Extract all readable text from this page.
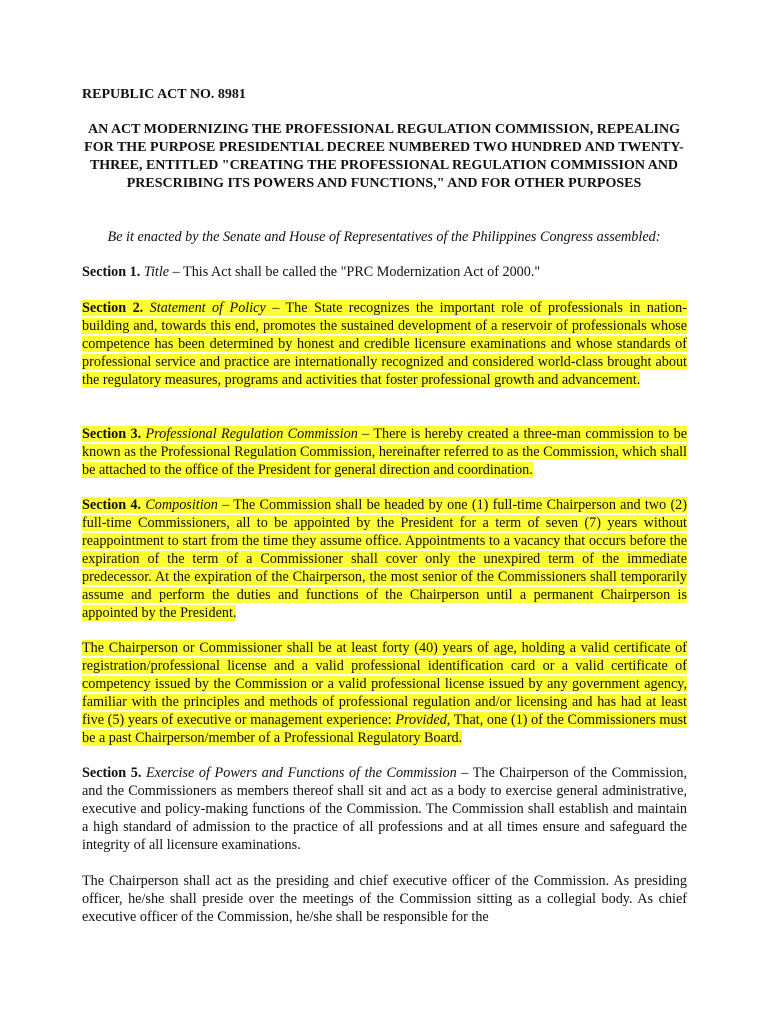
REPUBLIC ACT NO. 8981
AN ACT MODERNIZING THE PROFESSIONAL REGULATION COMMISSION, REPEALING FOR THE PURPOSE PRESIDENTIAL DECREE NUMBERED TWO HUNDRED AND TWENTY-THREE, ENTITLED "CREATING THE PROFESSIONAL REGULATION COMMISSION AND PRESCRIBING ITS POWERS AND FUNCTIONS," AND FOR OTHER PURPOSES
Be it enacted by the Senate and House of Representatives of the Philippines Congress assembled:
Section 1. Title – This Act shall be called the "PRC Modernization Act of 2000."
Section 2. Statement of Policy – The State recognizes the important role of professionals in nation-building and, towards this end, promotes the sustained development of a reservoir of professionals whose competence has been determined by honest and credible licensure examinations and whose standards of professional service and practice are internationally recognized and considered world-class brought about the regulatory measures, programs and activities that foster professional growth and advancement.
Section 3. Professional Regulation Commission – There is hereby created a three-man commission to be known as the Professional Regulation Commission, hereinafter referred to as the Commission, which shall be attached to the office of the President for general direction and coordination.
Section 4. Composition – The Commission shall be headed by one (1) full-time Chairperson and two (2) full-time Commissioners, all to be appointed by the President for a term of seven (7) years without reappointment to start from the time they assume office. Appointments to a vacancy that occurs before the expiration of the term of a Commissioner shall cover only the unexpired term of the immediate predecessor. At the expiration of the Chairperson, the most senior of the Commissioners shall temporarily assume and perform the duties and functions of the Chairperson until a permanent Chairperson is appointed by the President.
The Chairperson or Commissioner shall be at least forty (40) years of age, holding a valid certificate of registration/professional license and a valid professional identification card or a valid certificate of competency issued by the Commission or a valid professional license issued by any government agency, familiar with the principles and methods of professional regulation and/or licensing and has had at least five (5) years of executive or management experience: Provided, That, one (1) of the Commissioners must be a past Chairperson/member of a Professional Regulatory Board.
Section 5. Exercise of Powers and Functions of the Commission – The Chairperson of the Commission, and the Commissioners as members thereof shall sit and act as a body to exercise general administrative, executive and policy-making functions of the Commission. The Commission shall establish and maintain a high standard of admission to the practice of all professions and at all times ensure and safeguard the integrity of all licensure examinations.
The Chairperson shall act as the presiding and chief executive officer of the Commission. As presiding officer, he/she shall preside over the meetings of the Commission sitting as a collegial body. As chief executive officer of the Commission, he/she shall be responsible for the
